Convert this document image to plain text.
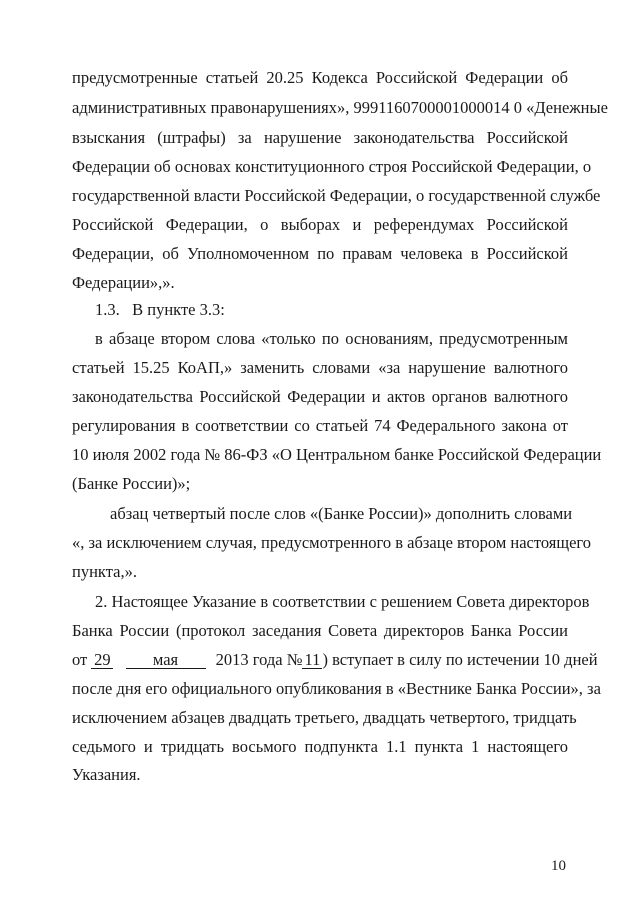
предусмотренные статьей 20.25 Кодекса Российской Федерации об
административных правонарушениях», 9991160700001000014 0 «Денежные
взыскания (штрафы) за нарушение законодательства Российской
Федерации об основах конституционного строя Российской Федерации, о
государственной власти Российской Федерации, о государственной службе
Российской Федерации, о выборах и референдумах Российской
Федерации, об Уполномоченном по правам человека в Российской
Федерации»,».
1.3.   В пункте 3.3:
в абзаце втором слова «только по основаниям, предусмотренным
статьей 15.25 КоАП,» заменить словами «за нарушение валютного
законодательства Российской Федерации и актов органов валютного
регулирования в соответствии со статьей 74 Федерального закона от
10 июля 2002 года № 86-ФЗ «О Центральном банке Российской Федерации
(Банке России)»;
абзац четвертый после слов «(Банке России)» дополнить словами
«, за исключением случая, предусмотренного в абзаце втором настоящего
пункта,».
2. Настоящее Указание в соответствии с решением Совета директоров
Банка России (протокол заседания Совета директоров Банка России
от 29	мая 2013 года № 11 ) вступает в силу по истечении 10 дней
после дня его официального опубликования в «Вестнике Банка России», за
исключением абзацев двадцать третьего, двадцать четвертого, тридцать
седьмого и тридцать восьмого подпункта 1.1 пункта 1 настоящего
Указания.
10
